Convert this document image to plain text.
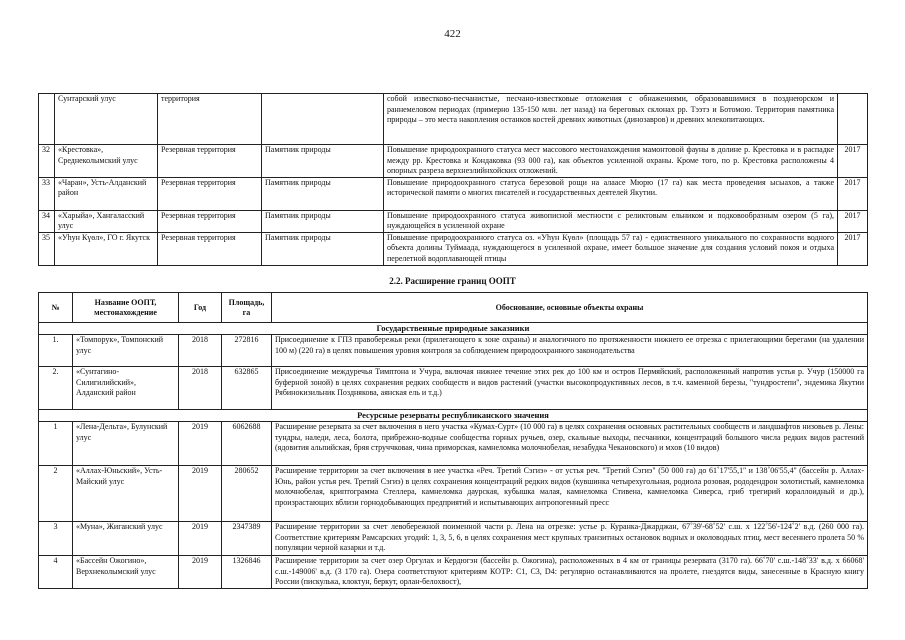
422
	Сунтарский улус	территория		собой известково-песчанистые, песчано-известковые отложения с обнажениями, образовавшимися в позднеюрском и раннемеловом периодах (примерно 135-150 млн. лет назад) на береговых склонах рр. Тээтэ и Ботомою. Территория памятника природы – это места накопления останков костей древних животных (динозавров) и древних млекопитающих.	
32	«Крестовка», Среднеколымский улус	Резервная территория	Памятник природы	Повышение природоохранного статуса мест массового местонахождения мамонтовой фауны в долине р. Крестовка и в распадке между рр. Крестовка и Кондаковка (93 000 га), как объектов усиленной охраны. Кроме того, по р. Крестовка расположены 4 опорных разреза верхнеэлийнхойских отложений.	2017
33	«Чаран», Усть-Алданский район	Резервная территория	Памятник природы	Повышение природоохранного статуса березовой рощи на алаасе Мюрю (17 га) как места проведения ысыахов, а также исторической памяти о многих писателей и государственных деятелей Якутии.	2017
34	«Харыйа», Хангаласский улус	Резервная территория	Памятник природы	Повышение природоохранного статуса живописной местности с реликтовым ельником и подковообразным озером (5 га), нуждающейся в усиленной охране	2017
35	«Уһун Күөл», ГО г. Якутск	Резервная территория	Памятник природы	Повышение природоохранного статуса оз. «Уһун Күөл» (площадь 57 га) - единственного уникального по сохранности водного объекта долины Туймаада, нуждающегося в усиленной охране, имеет большое значение для создания условий покоя и отдыха перелетной водоплавающей птицы	2017
2.2. Расширение границ ООПТ
№	Название ООПТ, местонахождение	Год	Площадь, га	Обоснование, основные объекты охраны
Государственные природные заказники				
1.	«Томпорук», Томпонский улус	2018	272816	Присоединение к ГПЗ правобережья реки (прилегающего к зоне охраны) и аналогичного по протяженности нижнего ее отрезка с прилегающими берегами (на удалении 100 м) (220 га) в целях повышения уровня контроля за соблюдением природоохранного законодательства
2.	«Сунтагино-Силигилийский», Алданский район	2018	632865	Присоединение междуречья Тимптона и Учура, включая нижнее течение этих рек до 100 км и остров Пермяйский, расположенный напротив устья р. Учур (150000 га буферной зоной) в целях сохранения редких сообществ и видов растений (участки высокопродуктивных лесов, в т.ч. каменной березы, "тундростепи", эндемика Якутии Рябинокизильник Позднякова, аянская ель и т.д.)
Ресурсные резерваты республиканского значения				
1	«Лена-Дельта», Булунский улус	2019	6062688	Расширение резервата за счет включения в него участка «Кумах-Сурт» (10 000 га) в целях сохранения основных растительных сообществ и ландшафтов низовьев р. Лены: тундры, наледи, леса, болота, прибрежно-водные сообщества горных ручьев, озер, скальные выходы, песчаники, концентраций большого числа редких видов растений (ядовития альпийская, бряя струччковая, чина приморская, камнеломка молочнобелая, незабудка Чекановского) и мхов (10 видов)
2	«Аллах-Юньский», Усть-Майский улус	2019	280652	Расширение территории за счет включения в нее участка «Реч. Третий Сэгиэ» - от устья реч. "Третий Сэгиэ" (50 000 га) до 61˚17'55,1'' и 138˚06'55,4'' (бассейн р. Аллах-Юнь, район устья реч. Третий Сэгиэ) в целях сохранения концентраций редких видов (кувшинка четырехугольная, родиола розовая, рододендрон золотистый, камнеломка молочнобелая, криптограмма Стеллера, камнеломка даурская, кубышка малая, камнеломка Стивена, камнеломка Сиверса, гриб трегирий кораллоидный и др.), произрастающих вблизи горнодобывающих предприятий и испытывающих антропогенный пресс
3	«Муна», Жиганский улус	2019	2347389	Расширение территории за счет левобережной поименной части р. Лена на отрезке: устье р. Куранка-Джарджан, 67˚39'-68˚52' с.ш. x 122˚56'-124˚2' в.д. (260 000 га). Соответствие критериям Рамсарских угодий: 1, 3, 5, 6, в целях сохранения мест крупных транзитных остановок водных и околоводных птиц, мест весеннего пролета 50 % популяции черной казарки и т.д.
4	«Бассейн Ожогино», Верхнеколымский улус	2019	1326846	Расширение территории за счет озер Оргулах и Кердюгэн (бассейн р. Ожогина), расположенных в 4 км от границы резервата (3170 га). 66˚70' с.ш.-148˚33' в.д. х 66068' с.ш.-149006' в.д. (3 170 га). Озера соответствуют критериям КОТР: С1, С3, D4: регулярно останавливаются на пролете, гнездятся виды, занесенные в Красную книгу России (пискулька, клоктун, беркут, орлан-белохвост),
